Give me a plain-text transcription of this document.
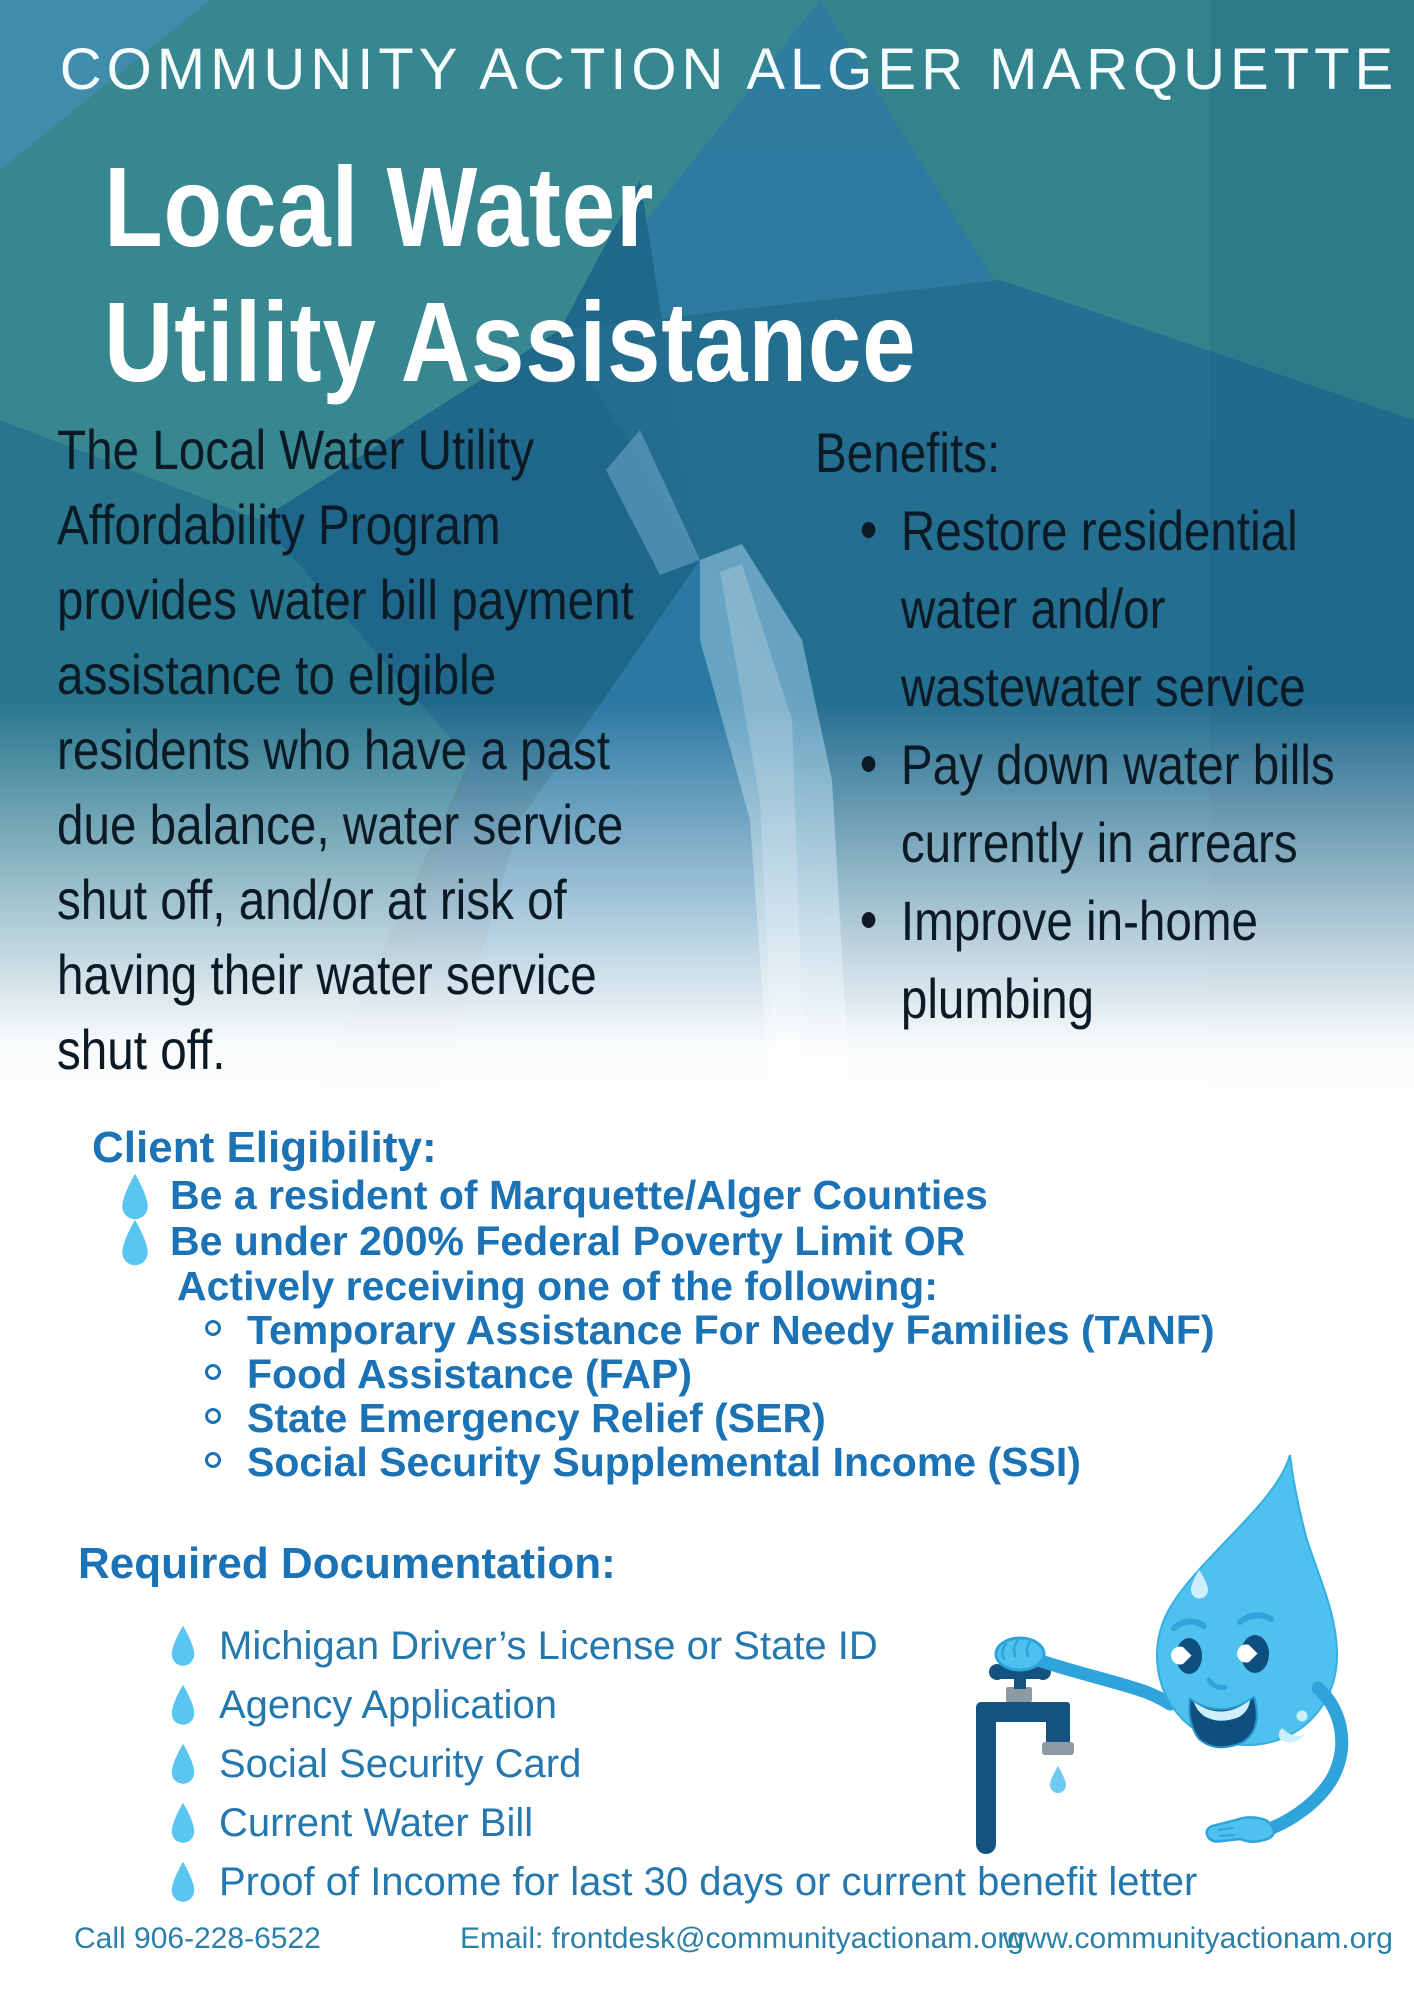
COMMUNITY ACTION ALGER MARQUETTE
Local Water
Utility Assistance
The Local Water Utility
Affordability Program
provides water bill payment
assistance to eligible
residents who have a past
due balance, water service
shut off, and/or at risk of
having their water service
shut off.
Benefits:
Restore residential
water and/or
wastewater service
Pay down water bills
currently in arrears
Improve in-home
plumbing
Client Eligibility:
Be a resident of Marquette/Alger Counties
Be under 200% Federal Poverty Limit OR
Actively receiving one of the following:
Temporary Assistance For Needy Families (TANF)
Food Assistance (FAP)
State Emergency Relief (SER)
Social Security Supplemental Income (SSI)
Required Documentation:
Michigan Driver’s License or State ID
Agency Application
Social Security Card
Current Water Bill
Proof of Income for last 30 days or current benefit letter
Call 906-228-6522	Email: frontdesk@communityactionam.org
www.communityactionam.org
